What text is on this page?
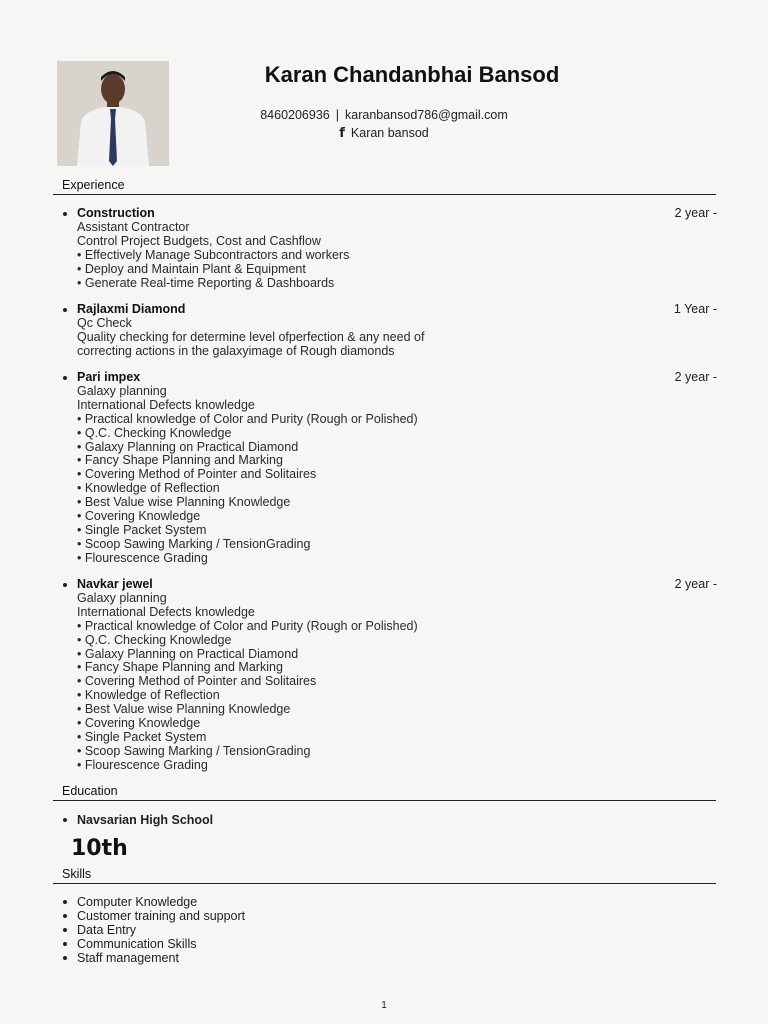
Karan Chandanbhai Bansod
8460206936 | karanbansod786@gmail.com
f Karan bansod
Experience
Construction	2 year -
Assistant Contractor
Control Project Budgets, Cost and Cashflow
• Effectively Manage Subcontractors and workers
• Deploy and Maintain Plant & Equipment
• Generate Real-time Reporting & Dashboards
Rajlaxmi Diamond	1 Year -
Qc Check
Quality checking for determine level ofperfection & any need of
correcting actions in the galaxyimage of Rough diamonds
Pari impex	2 year -
Galaxy planning
International Defects knowledge
• Practical knowledge of Color and Purity (Rough or Polished)
• Q.C. Checking Knowledge
• Galaxy Planning on Practical Diamond
• Fancy Shape Planning and Marking
• Covering Method of Pointer and Solitaires
• Knowledge of Reflection
• Best Value wise Planning Knowledge
• Covering Knowledge
• Single Packet System
• Scoop Sawing Marking / TensionGrading
• Flourescence Grading
Navkar jewel	2 year -
Galaxy planning
International Defects knowledge
• Practical knowledge of Color and Purity (Rough or Polished)
• Q.C. Checking Knowledge
• Galaxy Planning on Practical Diamond
• Fancy Shape Planning and Marking
• Covering Method of Pointer and Solitaires
• Knowledge of Reflection
• Best Value wise Planning Knowledge
• Covering Knowledge
• Single Packet System
• Scoop Sawing Marking / TensionGrading
• Flourescence Grading
Education
Navsarian High School
10th
Skills
Computer Knowledge
Customer training and support
Data Entry
Communication Skills
Staff management
1
